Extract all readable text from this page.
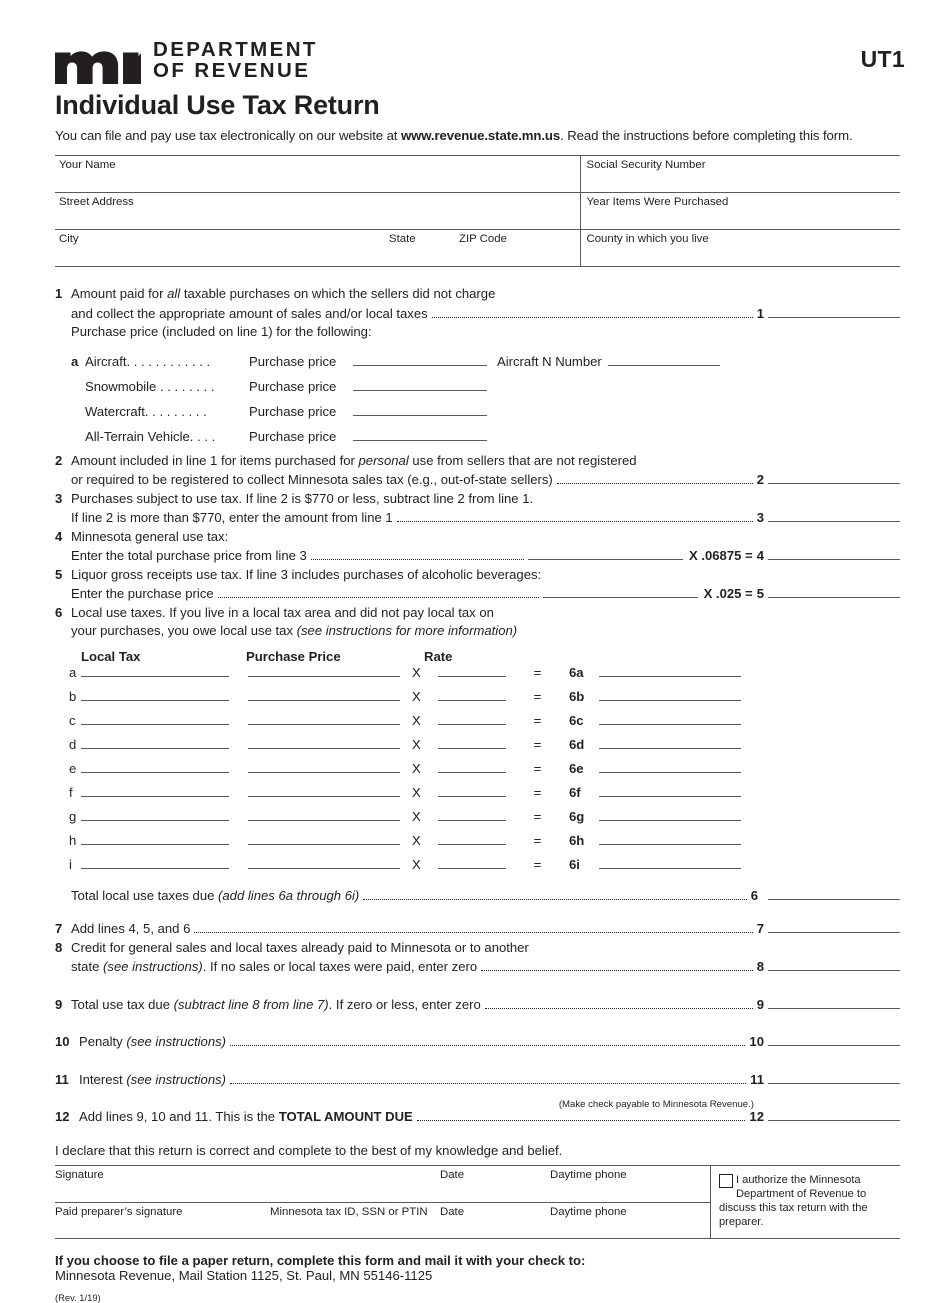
UT1
DEPARTMENT
OF REVENUE
Individual Use Tax Return
You can file and pay use tax electronically on our website at www.revenue.state.mn.us. Read the instructions before completing this form.
Your Name			Social Security Number
Street Address			Year Items Were Purchased
City	State	ZIP Code	County in which you live
1 Amount paid for all taxable purchases on which the sellers did not charge
and collect the appropriate amount of sales and/or local taxes	1
Purchase price (included on line 1) for the following:
a Aircraft. . . . . . . . . . . .	Purchase price	Aircraft N Number
Snowmobile . . . . . . . .	Purchase price
Watercraft. . . . . . . . .	Purchase price
All-Terrain Vehicle. . . .	Purchase price
2 Amount included in line 1 for items purchased for personal use from sellers that are not registered
or required to be registered to collect Minnesota sales tax (e.g., out-of-state sellers)	2
3 Purchases subject to use tax. If line 2 is $770 or less, subtract line 2 from line 1.
If line 2 is more than $770, enter the amount from line 1	3
4 Minnesota general use tax:
Enter the total purchase price from line 3	X .06875 = 4
5 Liquor gross receipts use tax. If line 3 includes purchases of alcoholic beverages:
Enter the purchase price	X .025 = 5
6 Local use taxes. If you live in a local tax area and did not pay local tax on
your purchases, you owe local use tax (see instructions for more information)
Local Tax	Purchase Price	Rate
a	X	=	6a
b	X	=	6b
c	X	=	6c
d	X	=	6d
e	X	=	6e
f	X	=	6f
g	X	=	6g
h	X	=	6h
i	X	=	6i
Total local use taxes due (add lines 6a through 6i)	6
7 Add lines 4, 5, and 6	7
8 Credit for general sales and local taxes already paid to Minnesota or to another
state (see instructions). If no sales or local taxes were paid, enter zero	8
9 Total use tax due (subtract line 8 from line 7). If zero or less, enter zero	9
10 Penalty (see instructions)	10
11 Interest (see instructions)	11
12 Add lines 9, 10 and 11. This is the TOTAL AMOUNT DUE	12
(Make check payable to Minnesota Revenue.)
I declare that this return is correct and complete to the best of my knowledge and belief.
Signature	Date	Daytime phone
Paid preparer’s signature	Minnesota tax ID, SSN or PTIN	Date	Daytime phone
I authorize the Minnesota Department of Revenue to discuss this tax return with the preparer.
If you choose to file a paper return, complete this form and mail it with your check to:
Minnesota Revenue, Mail Station 1125, St. Paul, MN 55146-1125
(Rev. 1/19)
